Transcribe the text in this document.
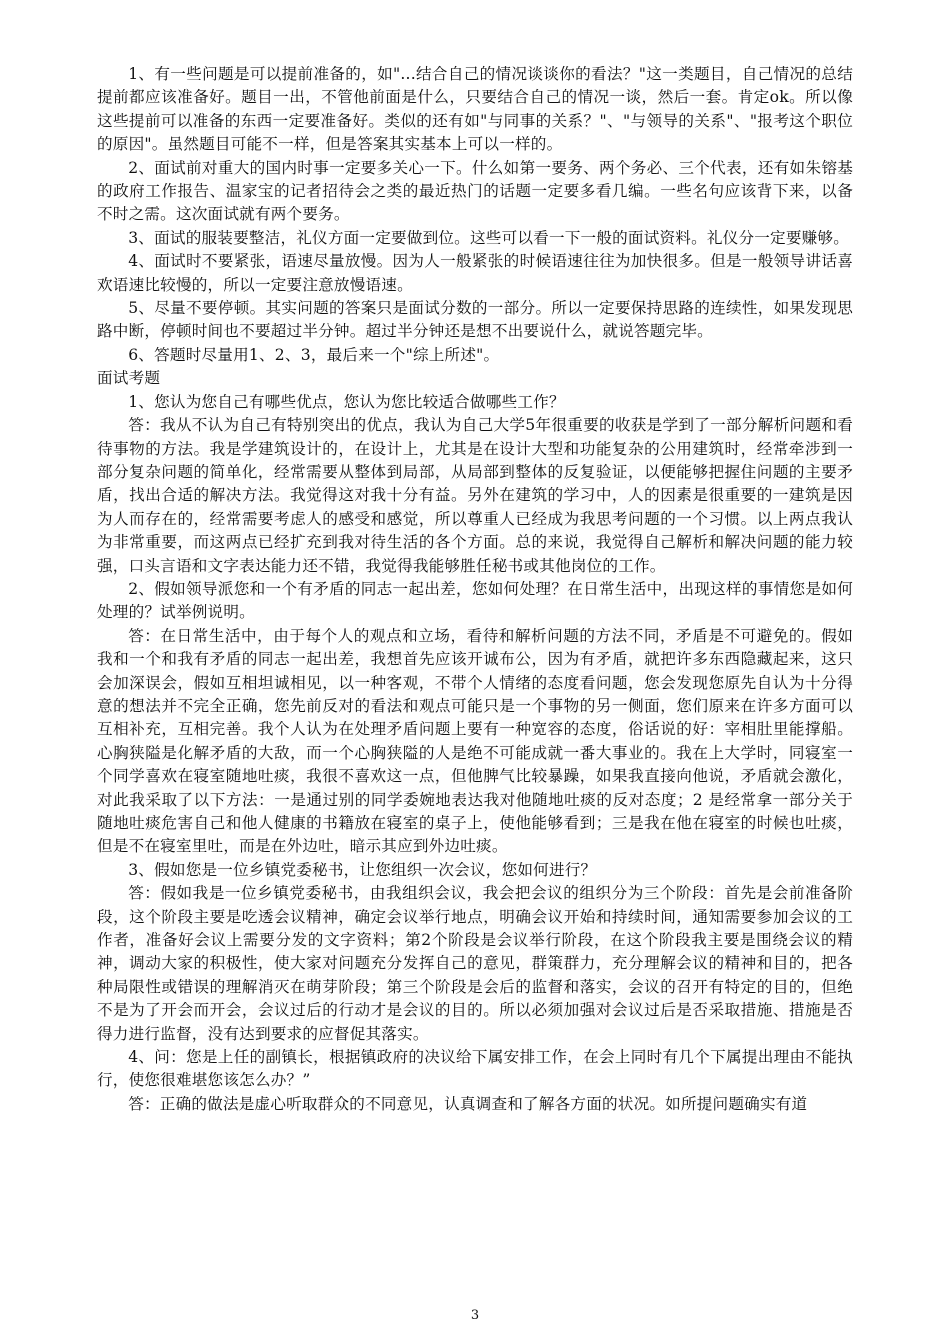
1、有一些问题是可以提前准备的，如"...结合自己的情况谈谈你的看法？"这一类题目，自己情况的总结提前都应该准备好。题目一出，不管他前面是什么，只要结合自己的情况一谈，然后一套。肯定ok。所以像这些提前可以准备的东西一定要准备好。类似的还有如"与同事的关系？"、"与领导的关系"、"报考这个职位的原因"。虽然题目可能不一样，但是答案其实基本上可以一样的。

2、面试前对重大的国内时事一定要多关心一下。什么如第一要务、两个务必、三个代表，还有如朱镕基的政府工作报告、温家宝的记者招待会之类的最近热门的话题一定要多看几编。一些名句应该背下来，以备不时之需。这次面试就有两个要务。

3、面试的服装要整洁，礼仪方面一定要做到位。这些可以看一下一般的面试资料。礼仪分一定要赚够。

4、面试时不要紧张，语速尽量放慢。因为人一般紧张的时候语速往往为加快很多。但是一般领导讲话喜欢语速比较慢的，所以一定要注意放慢语速。

5、尽量不要停顿。其实问题的答案只是面试分数的一部分。所以一定要保持思路的连续性，如果发现思路中断，停顿时间也不要超过半分钟。超过半分钟还是想不出要说什么，就说答题完毕。

6、答题时尽量用1、2、3，最后来一个"综上所述"。

面试考题

1、您认为您自己有哪些优点，您认为您比较适合做哪些工作？

答：我从不认为自己有特别突出的优点，我认为自己大学5年很重要的收获是学到了一部分解析问题和看待事物的方法。我是学建筑设计的，在设计上，尤其是在设计大型和功能复杂的公用建筑时，经常牵涉到一部分复杂问题的简单化，经常需要从整体到局部，从局部到整体的反复验证，以便能够把握住问题的主要矛盾，找出合适的解决方法。我觉得这对我十分有益。另外在建筑的学习中，人的因素是很重要的一建筑是因为人而存在的，经常需要考虑人的感受和感觉，所以尊重人已经成为我思考问题的一个习惯。以上两点我认为非常重要，而这两点已经扩充到我对待生活的各个方面。总的来说，我觉得自己解析和解决问题的能力较强，口头言语和文字表达能力还不错，我觉得我能够胜任秘书或其他岗位的工作。

2、假如领导派您和一个有矛盾的同志一起出差，您如何处理？在日常生活中，出现这样的事情您是如何处理的？试举例说明。

答：在日常生活中，由于每个人的观点和立场，看待和解析问题的方法不同，矛盾是不可避免的。假如我和一个和我有矛盾的同志一起出差，我想首先应该开诚布公，因为有矛盾，就把许多东西隐藏起来，这只会加深误会，假如互相坦诚相见，以一种客观，不带个人情绪的态度看问题，您会发现您原先自认为十分得意的想法并不完全正确，您先前反对的看法和观点可能只是一个事物的另一侧面，您们原来在许多方面可以互相补充，互相完善。我个人认为在处理矛盾问题上要有一种宽容的态度，俗话说的好：宰相肚里能撑船。心胸狭隘是化解矛盾的大敌，而一个心胸狭隘的人是绝不可能成就一番大事业的。我在上大学时，同寝室一个同学喜欢在寝室随地吐痰，我很不喜欢这一点，但他脾气比较暴躁，如果我直接向他说，矛盾就会激化，对此我采取了以下方法：一是通过别的同学委婉地表达我对他随地吐痰的反对态度；2 是经常拿一部分关于随地吐痰危害自己和他人健康的书籍放在寝室的桌子上，使他能够看到；三是我在他在寝室的时候也吐痰，但是不在寝室里吐，而是在外边吐，暗示其应到外边吐痰。

3、假如您是一位乡镇党委秘书，让您组织一次会议，您如何进行？

答：假如我是一位乡镇党委秘书，由我组织会议，我会把会议的组织分为三个阶段：首先是会前准备阶段，这个阶段主要是吃透会议精神，确定会议举行地点，明确会议开始和持续时间，通知需要参加会议的工作者，准备好会议上需要分发的文字资料；第2个阶段是会议举行阶段，在这个阶段我主要是围绕会议的精神，调动大家的积极性，使大家对问题充分发挥自己的意见，群策群力，充分理解会议的精神和目的，把各种局限性或错误的理解消灭在萌芽阶段；第三个阶段是会后的监督和落实，会议的召开有特定的目的，但绝不是为了开会而开会，会议过后的行动才是会议的目的。所以必须加强对会议过后是否采取措施、措施是否得力进行监督，没有达到要求的应督促其落实。

4、问：您是上任的副镇长，根据镇政府的决议给下属安排工作，在会上同时有几个下属提出理由不能执行，使您很难堪您该怎么办？”

答：正确的做法是虚心听取群众的不同意见，认真调查和了解各方面的状况。如所提问题确实有道

3
